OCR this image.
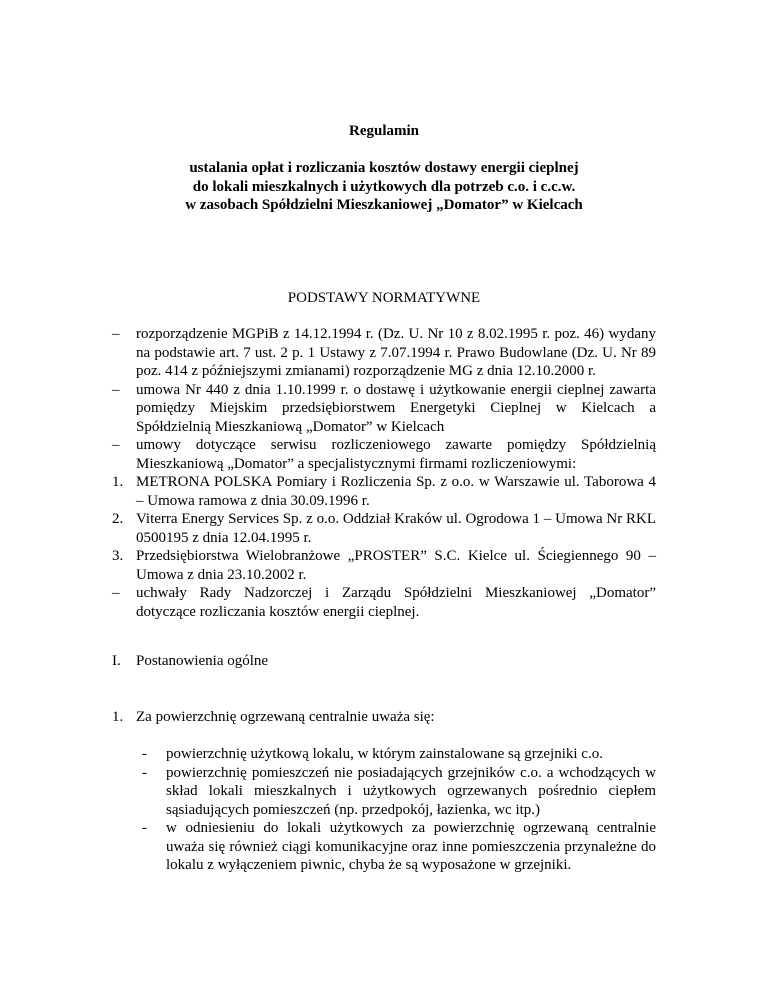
Regulamin
ustalania opłat i rozliczania kosztów dostawy energii cieplnej
do lokali mieszkalnych i użytkowych dla potrzeb c.o. i c.c.w.
w zasobach Spółdzielni Mieszkaniowej „Domator” w Kielcach
PODSTAWY NORMATYWNE
–	rozporządzenie MGPiB z 14.12.1994 r. (Dz. U. Nr 10 z 8.02.1995 r. poz. 46) wydany na podstawie art. 7 ust. 2 p. 1 Ustawy z 7.07.1994 r. Prawo Budowlane (Dz. U. Nr 89 poz. 414 z późniejszymi zmianami) rozporządzenie MG z dnia 12.10.2000 r.
–	umowa Nr 440 z dnia 1.10.1999 r. o dostawę i użytkowanie energii cieplnej zawarta pomiędzy Miejskim przedsiębiorstwem Energetyki Cieplnej w Kielcach a Spółdzielnią Mieszkaniową „Domator” w Kielcach
–	umowy dotyczące serwisu rozliczeniowego zawarte pomiędzy Spółdzielnią Mieszkaniową „Domator” a specjalistycznymi firmami rozliczeniowymi:
1. METRONA POLSKA Pomiary i Rozliczenia Sp. z o.o. w Warszawie ul. Taborowa 4 – Umowa ramowa z dnia 30.09.1996 r.
2. Viterra Energy Services Sp. z o.o. Oddział Kraków ul. Ogrodowa 1 – Umowa Nr RKL 0500195 z dnia 12.04.1995 r.
3. Przedsiębiorstwa Wielobranżowe „PROSTER” S.C. Kielce ul. Ściegiennego 90 – Umowa z dnia 23.10.2002 r.
–	uchwały Rady Nadzorczej i Zarządu Spółdzielni Mieszkaniowej „Domator” dotyczące rozliczania kosztów energii cieplnej.
I. Postanowienia ogólne
1. Za powierzchnię ogrzewaną centralnie uważa się:
- powierzchnię użytkową lokalu, w którym zainstalowane są grzejniki c.o.
- powierzchnię pomieszczeń nie posiadających grzejników c.o. a wchodzących w skład lokali mieszkalnych i użytkowych ogrzewanych pośrednio ciepłem sąsiadujących pomieszczeń (np. przedpokój, łazienka, wc itp.)
- w odniesieniu do lokali użytkowych za powierzchnię ogrzewaną centralnie uważa się również ciągi komunikacyjne oraz inne pomieszczenia przynależne do lokalu z wyłączeniem piwnic, chyba że są wyposażone w grzejniki.
